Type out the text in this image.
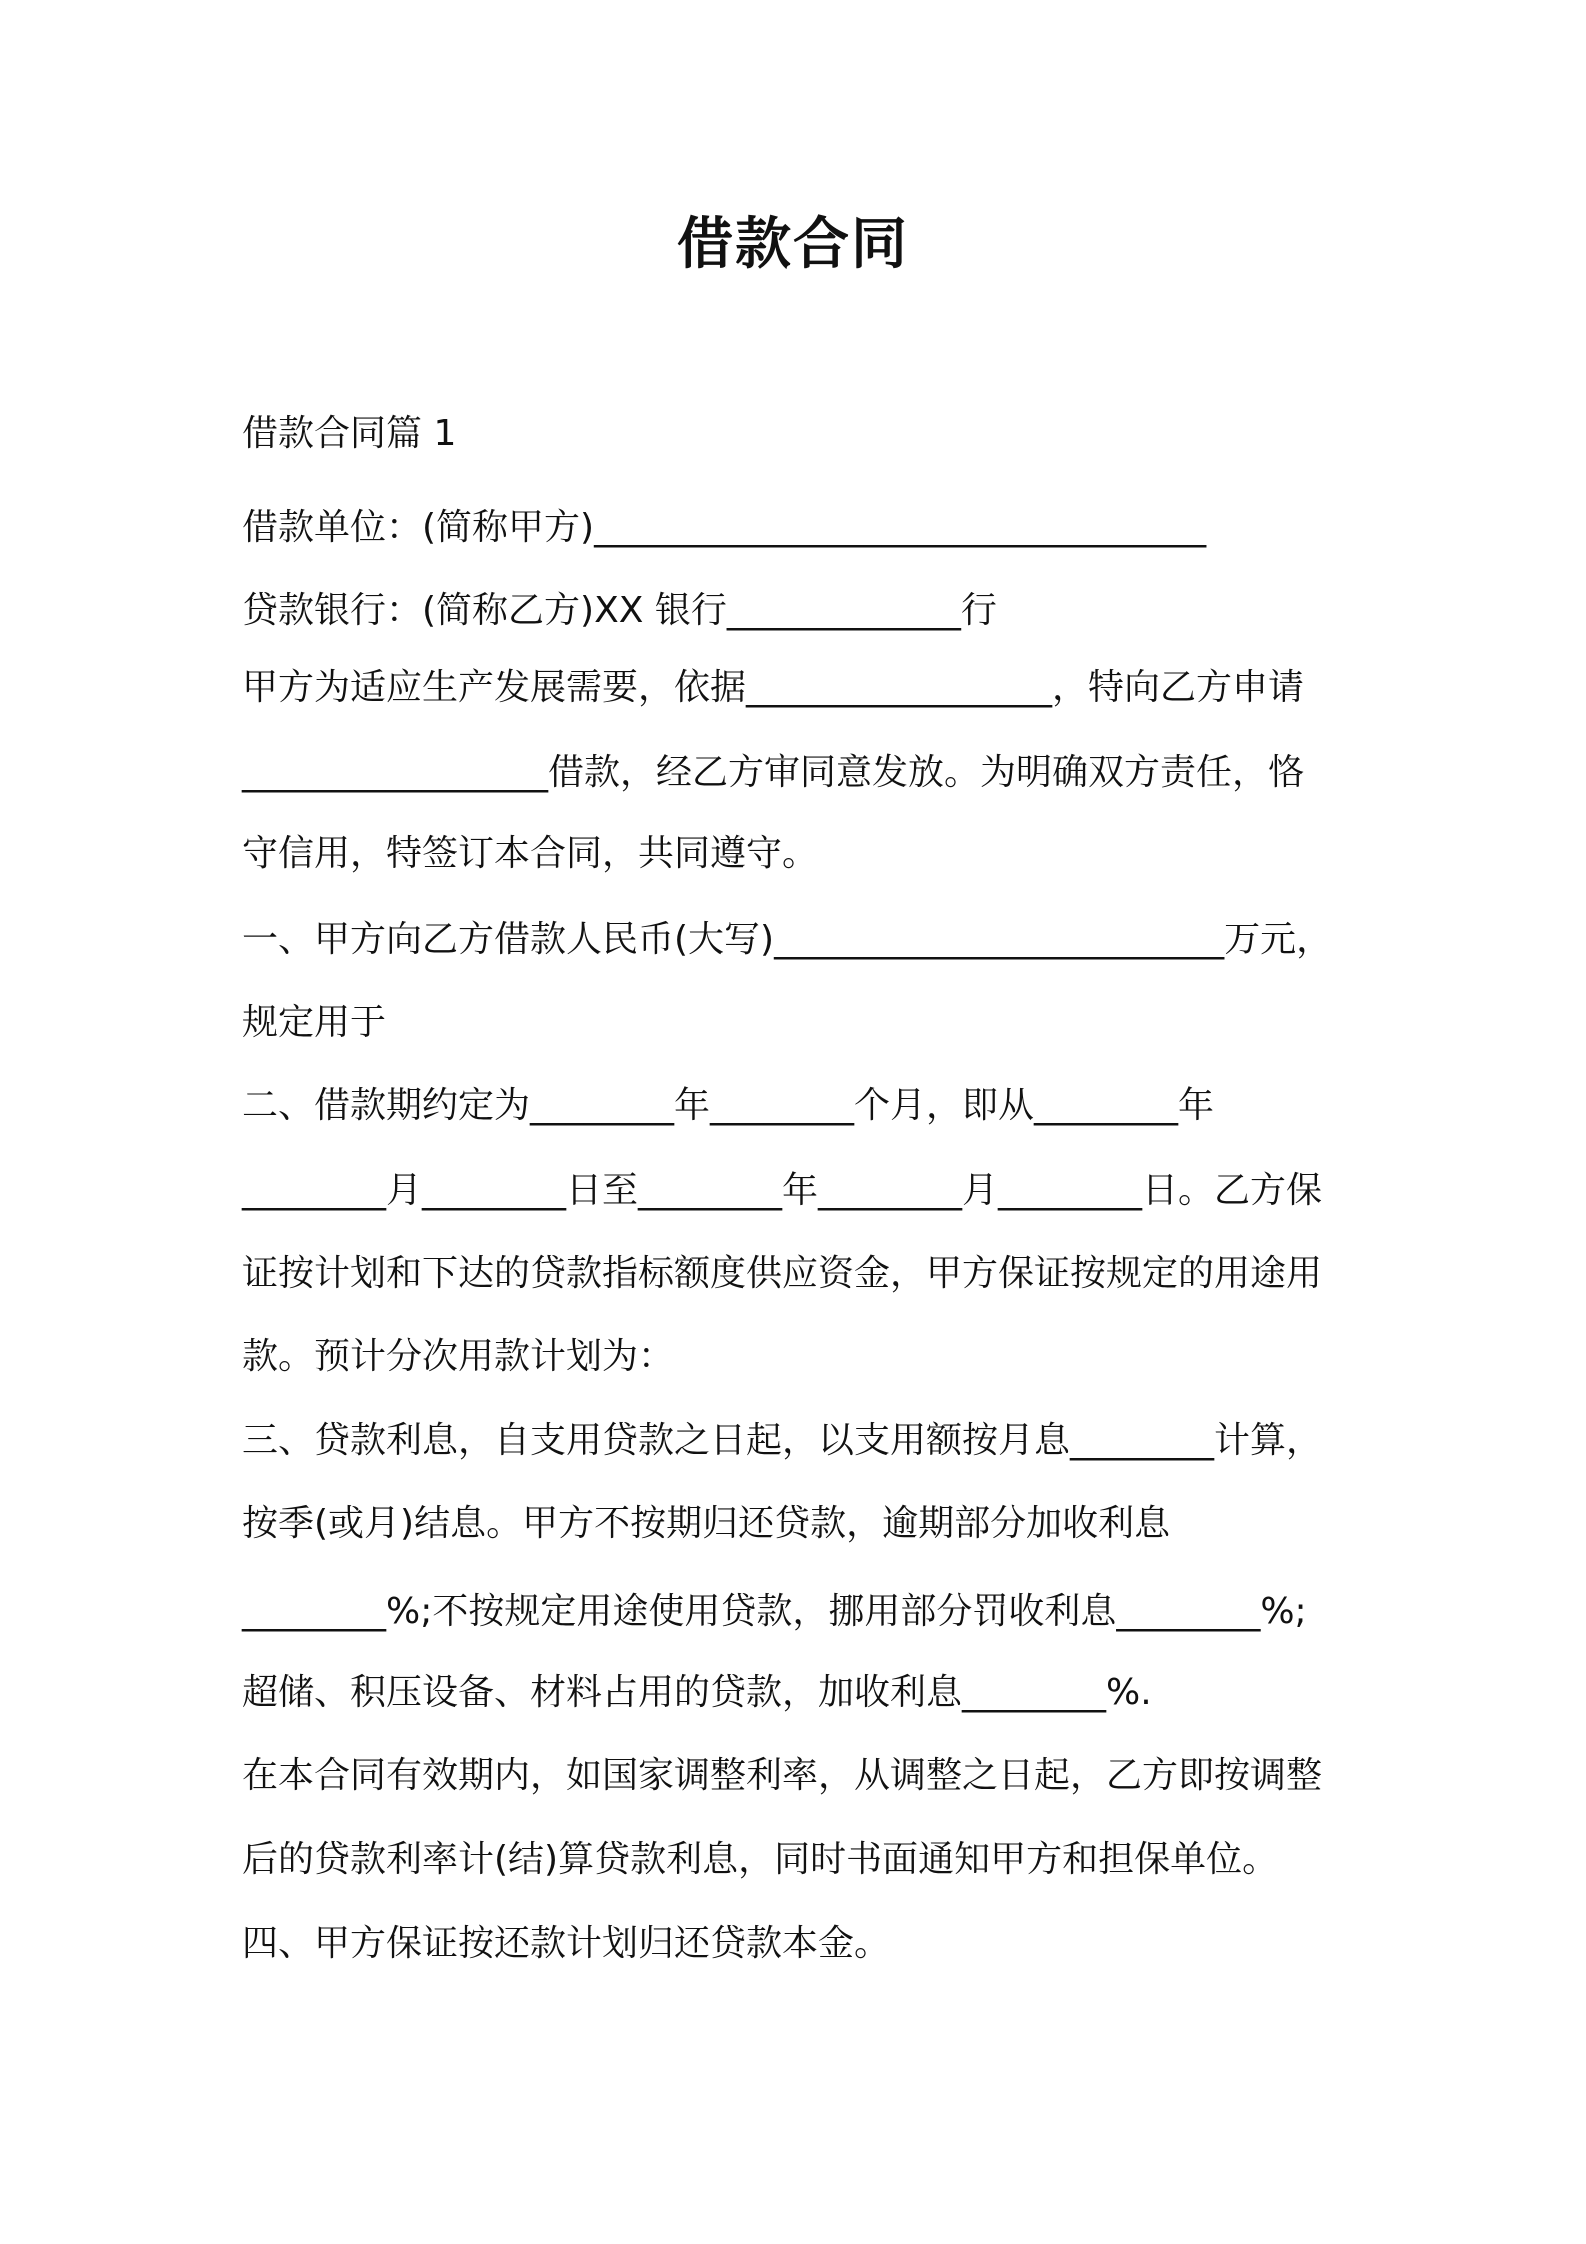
借款合同
借款合同篇 1
借款单位：(简称甲方)__________________________________
贷款银行：(简称乙方)XX 银行_____________行
甲方为适应生产发展需要，依据_________________，特向乙方申请
_________________借款，经乙方审同意发放。为明确双方责任，恪
守信用，特签订本合同，共同遵守。
一、甲方向乙方借款人民币(大写)_________________________万元，
规定用于
二、借款期约定为________年________个月，即从________年
________月________日至________年________月________日。乙方保
证按计划和下达的贷款指标额度供应资金，甲方保证按规定的用途用
款。预计分次用款计划为：
三、贷款利息，自支用贷款之日起，以支用额按月息________计算，
按季(或月)结息。甲方不按期归还贷款，逾期部分加收利息
________%;不按规定用途使用贷款，挪用部分罚收利息________%;
超储、积压设备、材料占用的贷款，加收利息________%.
在本合同有效期内，如国家调整利率，从调整之日起，乙方即按调整
后的贷款利率计(结)算贷款利息，同时书面通知甲方和担保单位。
四、甲方保证按还款计划归还贷款本金。
